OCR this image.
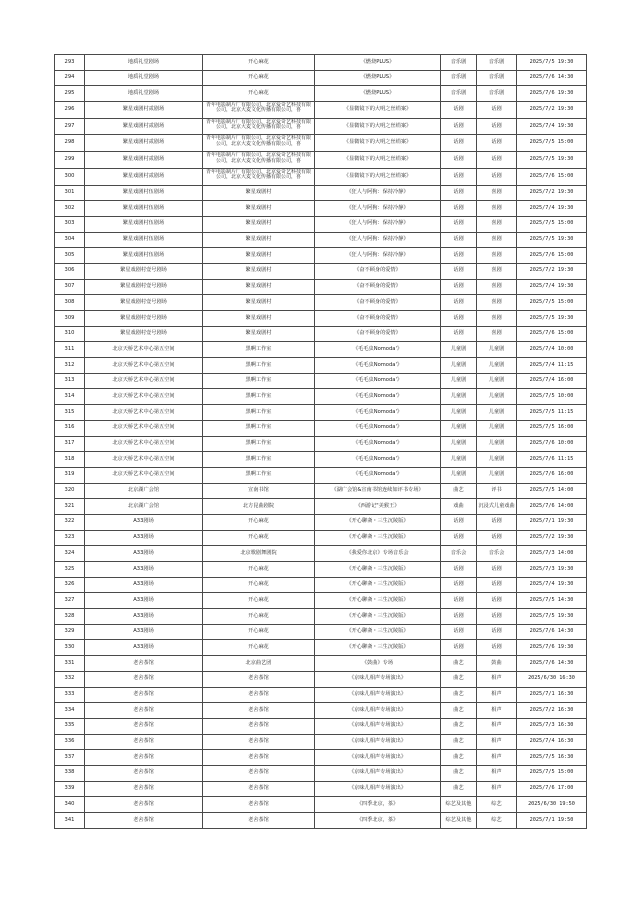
293	地质礼堂剧场	开心麻花	《燃烧PLUS》	音乐剧	音乐剧	2025/7/5 19:30
294	地质礼堂剧场	开心麻花	《燃烧PLUS》	音乐剧	音乐剧	2025/7/6 14:30
295	地质礼堂剧场	开心麻花	《燃烧PLUS》	音乐剧	音乐剧	2025/7/6 19:30
296	繁星戏剧村贰剧场	青年电影制片厂有限公司，北京爱奇艺科技有限公司，北京大麦文化传播有限公司，喜	《显微镜下的大明之丝绢案》	话剧	话剧	2025/7/2 19:30
297	繁星戏剧村贰剧场	青年电影制片厂有限公司，北京爱奇艺科技有限公司，北京大麦文化传播有限公司，喜	《显微镜下的大明之丝绢案》	话剧	话剧	2025/7/4 19:30
298	繁星戏剧村贰剧场	青年电影制片厂有限公司，北京爱奇艺科技有限公司，北京大麦文化传播有限公司，喜	《显微镜下的大明之丝绢案》	话剧	话剧	2025/7/5 15:00
299	繁星戏剧村贰剧场	青年电影制片厂有限公司，北京爱奇艺科技有限公司，北京大麦文化传播有限公司，喜	《显微镜下的大明之丝绢案》	话剧	话剧	2025/7/5 19:30
300	繁星戏剧村贰剧场	青年电影制片厂有限公司，北京爱奇艺科技有限公司，北京大麦文化传播有限公司，喜	《显微镜下的大明之丝绢案》	话剧	话剧	2025/7/6 15:00
301	繁星戏剧村伍剧场	繁星戏剧村	《狂人与阿狗：保持冷静》	话剧	喜剧	2025/7/2 19:30
302	繁星戏剧村伍剧场	繁星戏剧村	《狂人与阿狗：保持冷静》	话剧	喜剧	2025/7/4 19:30
303	繁星戏剧村伍剧场	繁星戏剧村	《狂人与阿狗：保持冷静》	话剧	喜剧	2025/7/5 15:00
304	繁星戏剧村伍剧场	繁星戏剧村	《狂人与阿狗：保持冷静》	话剧	喜剧	2025/7/5 19:30
305	繁星戏剧村伍剧场	繁星戏剧村	《狂人与阿狗：保持冷静》	话剧	喜剧	2025/7/6 15:00
306	繁星戏剧村壹号剧场	繁星戏剧村	《奋不顾身的爱情》	话剧	喜剧	2025/7/2 19:30
307	繁星戏剧村壹号剧场	繁星戏剧村	《奋不顾身的爱情》	话剧	喜剧	2025/7/4 19:30
308	繁星戏剧村壹号剧场	繁星戏剧村	《奋不顾身的爱情》	话剧	喜剧	2025/7/5 15:00
309	繁星戏剧村壹号剧场	繁星戏剧村	《奋不顾身的爱情》	话剧	喜剧	2025/7/5 19:30
310	繁星戏剧村壹号剧场	繁星戏剧村	《奋不顾身的爱情》	话剧	喜剧	2025/7/6 15:00
311	北京天桥艺术中心第五空间	黑啊工作室	《毛毛虫Nomoda'》	儿童剧	儿童剧	2025/7/4 10:00
312	北京天桥艺术中心第五空间	黑啊工作室	《毛毛虫Nomoda'》	儿童剧	儿童剧	2025/7/4 11:15
313	北京天桥艺术中心第五空间	黑啊工作室	《毛毛虫Nomoda'》	儿童剧	儿童剧	2025/7/4 16:00
314	北京天桥艺术中心第五空间	黑啊工作室	《毛毛虫Nomoda'》	儿童剧	儿童剧	2025/7/5 10:00
315	北京天桥艺术中心第五空间	黑啊工作室	《毛毛虫Nomoda'》	儿童剧	儿童剧	2025/7/5 11:15
316	北京天桥艺术中心第五空间	黑啊工作室	《毛毛虫Nomoda'》	儿童剧	儿童剧	2025/7/5 16:00
317	北京天桥艺术中心第五空间	黑啊工作室	《毛毛虫Nomoda'》	儿童剧	儿童剧	2025/7/6 10:00
318	北京天桥艺术中心第五空间	黑啊工作室	《毛毛虫Nomoda'》	儿童剧	儿童剧	2025/7/6 11:15
319	北京天桥艺术中心第五空间	黑啊工作室	《毛毛虫Nomoda'》	儿童剧	儿童剧	2025/7/6 16:00
320	北京湖广会馆	宣南书馆	《湖广会馆&宣南书馆连续如评书专场》	曲艺	评书	2025/7/5 14:00
321	北京湖广会馆	北方昆曲剧院	《西游记"美猴王》	戏曲	沉浸式儿童戏曲	2025/7/6 14:00
322	A33剧场	开心麻花	《开心聊斋・三生沉陵版》	话剧	话剧	2025/7/1 19:30
323	A33剧场	开心麻花	《开心聊斋・三生沉陵版》	话剧	话剧	2025/7/2 19:30
324	A33剧场	北京歌剧舞剧院	《我爱你北京》专场音乐会	音乐会	音乐会	2025/7/3 14:00
325	A33剧场	开心麻花	《开心聊斋・三生沉陵版》	话剧	话剧	2025/7/3 19:30
326	A33剧场	开心麻花	《开心聊斋・三生沉陵版》	话剧	话剧	2025/7/4 19:30
327	A33剧场	开心麻花	《开心聊斋・三生沉陵版》	话剧	话剧	2025/7/5 14:30
328	A33剧场	开心麻花	《开心聊斋・三生沉陵版》	话剧	话剧	2025/7/5 19:30
329	A33剧场	开心麻花	《开心聊斋・三生沉陵版》	话剧	话剧	2025/7/6 14:30
330	A33剧场	开心麻花	《开心聊斋・三生沉陵版》	话剧	话剧	2025/7/6 19:30
331	老舍茶馆	北京曲艺团	《鼓曲》专场	曲艺	鼓曲	2025/7/6 14:30
332	老舍茶馆	老舍茶馆	《京味儿相声专场演出》	曲艺	相声	2025/6/30 16:30
333	老舍茶馆	老舍茶馆	《京味儿相声专场演出》	曲艺	相声	2025/7/1 16:30
334	老舍茶馆	老舍茶馆	《京味儿相声专场演出》	曲艺	相声	2025/7/2 16:30
335	老舍茶馆	老舍茶馆	《京味儿相声专场演出》	曲艺	相声	2025/7/3 16:30
336	老舍茶馆	老舍茶馆	《京味儿相声专场演出》	曲艺	相声	2025/7/4 16:30
337	老舍茶馆	老舍茶馆	《京味儿相声专场演出》	曲艺	相声	2025/7/5 16:30
338	老舍茶馆	老舍茶馆	《京味儿相声专场演出》	曲艺	相声	2025/7/5 15:00
339	老舍茶馆	老舍茶馆	《京味儿相声专场演出》	曲艺	相声	2025/7/6 17:00
340	老舍茶馆	老舍茶馆	《四季北京，茶》	综艺及其他	综艺	2025/6/30 19:50
341	老舍茶馆	老舍茶馆	《四季北京，茶》	综艺及其他	综艺	2025/7/1 19:50
